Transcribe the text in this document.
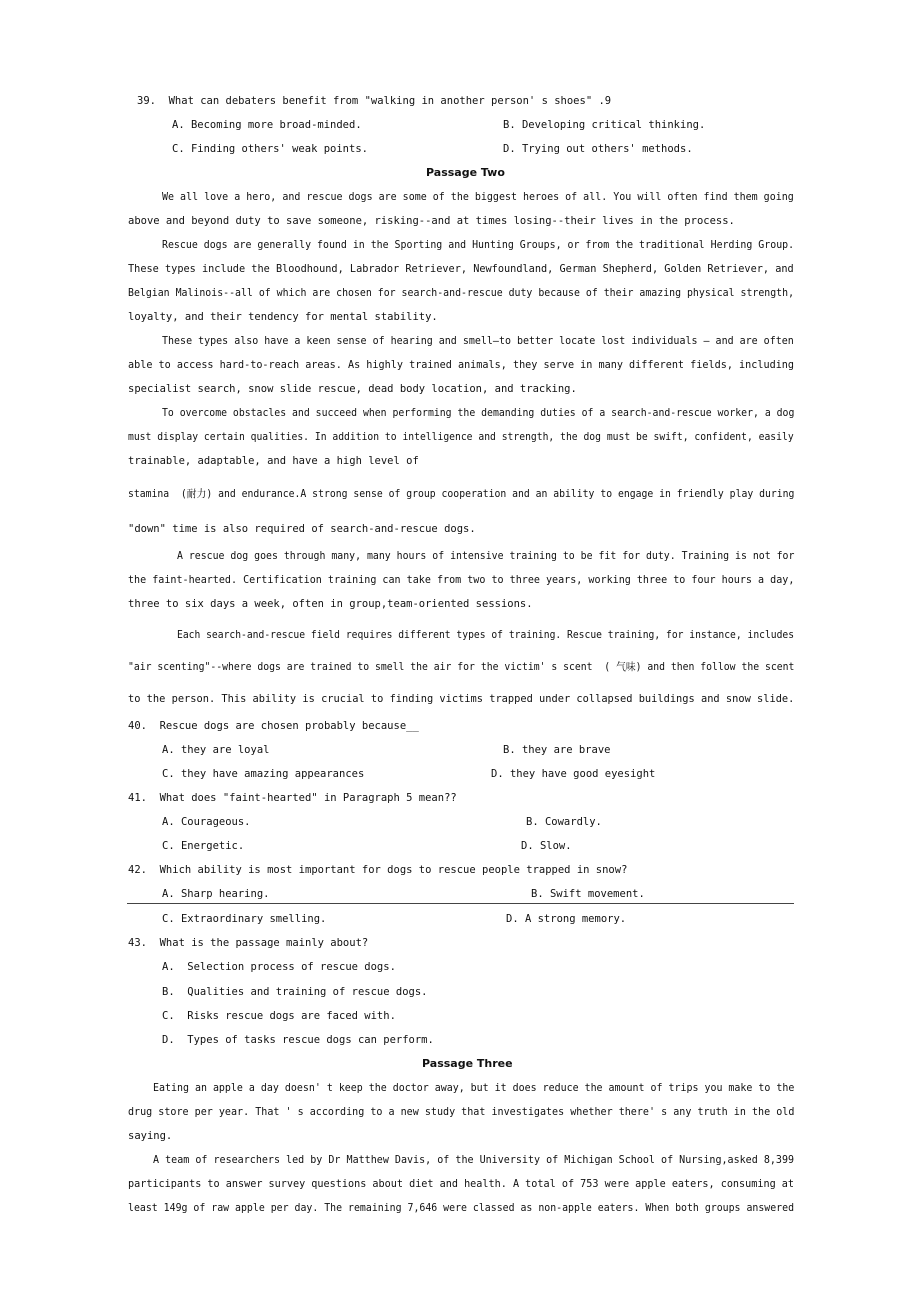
39.  What can debaters benefit from "walking in another person' s shoes" .9
A. Becoming more broad-minded.	B. Developing critical thinking.
C. Finding others' weak points.	D. Trying out others' methods.
Passage Two
We all love a hero, and rescue dogs are some of the biggest heroes of all. You will often find them going
above and beyond duty to save someone, risking--and at times losing--their lives in the process.
Rescue dogs are generally found in the Sporting and Hunting Groups, or from the traditional Herding Group.
These types include the Bloodhound, Labrador Retriever, Newfoundland, German Shepherd, Golden Retriever, and
Belgian Malinois--all of which are chosen for search-and-rescue duty because of their amazing physical strength,
loyalty, and their tendency for mental stability.
These types also have a keen sense of hearing and smell—to better locate lost individuals — and are often
able to access hard-to-reach areas. As highly trained animals, they serve in many different fields, including
specialist search, snow slide rescue, dead body location, and tracking.
To overcome obstacles and succeed when performing the demanding duties of a search-and-rescue worker, a dog
must display certain qualities. In addition to intelligence and strength, the dog must be swift, confident, easily
trainable, adaptable, and have a high level of
stamina  (耐力) and endurance.A strong sense of group cooperation and an ability to engage in friendly play during
"down" time is also required of search-and-rescue dogs.
A rescue dog goes through many, many hours of intensive training to be fit for duty. Training is not for
the faint-hearted. Certification training can take from two to three years, working three to four hours a day,
three to six days a week, often in group,team-oriented sessions.
Each search-and-rescue field requires different types of training. Rescue training, for instance, includes
"air scenting"--where dogs are trained to smell the air for the victim' s scent  ( 气味) and then follow the scent
to the person. This ability is crucial to finding victims trapped under collapsed buildings and snow slide.
40.  Rescue dogs are chosen probably because__
A. they are loyal	B. they are brave
C. they have amazing appearances	D. they have good eyesight
41.  What does "faint-hearted" in Paragraph 5 mean??
A. Courageous.	B. Cowardly.
C. Energetic.	D. Slow.
42.  Which ability is most important for dogs to rescue people trapped in snow?
A. Sharp hearing.	B. Swift movement.
C. Extraordinary smelling.	D. A strong memory.
43.  What is the passage mainly about?
A.  Selection process of rescue dogs.
B.  Qualities and training of rescue dogs.
C.  Risks rescue dogs are faced with.
D.  Types of tasks rescue dogs can perform.
Passage Three
Eating an apple a day doesn' t keep the doctor away, but it does reduce the amount of trips you make to the
drug store per year. That ' s according to a new study that investigates whether there' s any truth in the old
saying.
A team of researchers led by Dr Matthew Davis, of the University of Michigan School of Nursing,asked 8,399
participants to answer survey questions about diet and health. A total of 753 were apple eaters, consuming at
least 149g of raw apple per day. The remaining 7,646 were classed as non-apple eaters. When both groups answered
